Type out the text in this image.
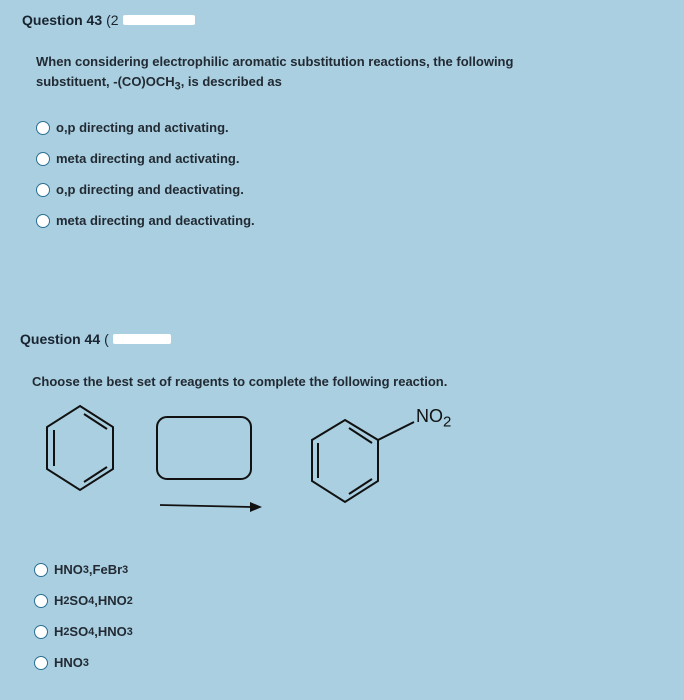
Question 43 (2
When considering electrophilic aromatic substitution reactions, the following
substituent, $-(CO)OCH_3$, is described as
o,p directing and activating.
meta directing and activating.
o,p directing and deactivating.
meta directing and deactivating.
Question 44 (
Choose the best set of reagents to complete the following reaction.
$NO_2$
HNO 3 , FeBr 3
H 2 SO 4 , HNO 2
H 2 SO 4 , HNO 3
HNO 3
